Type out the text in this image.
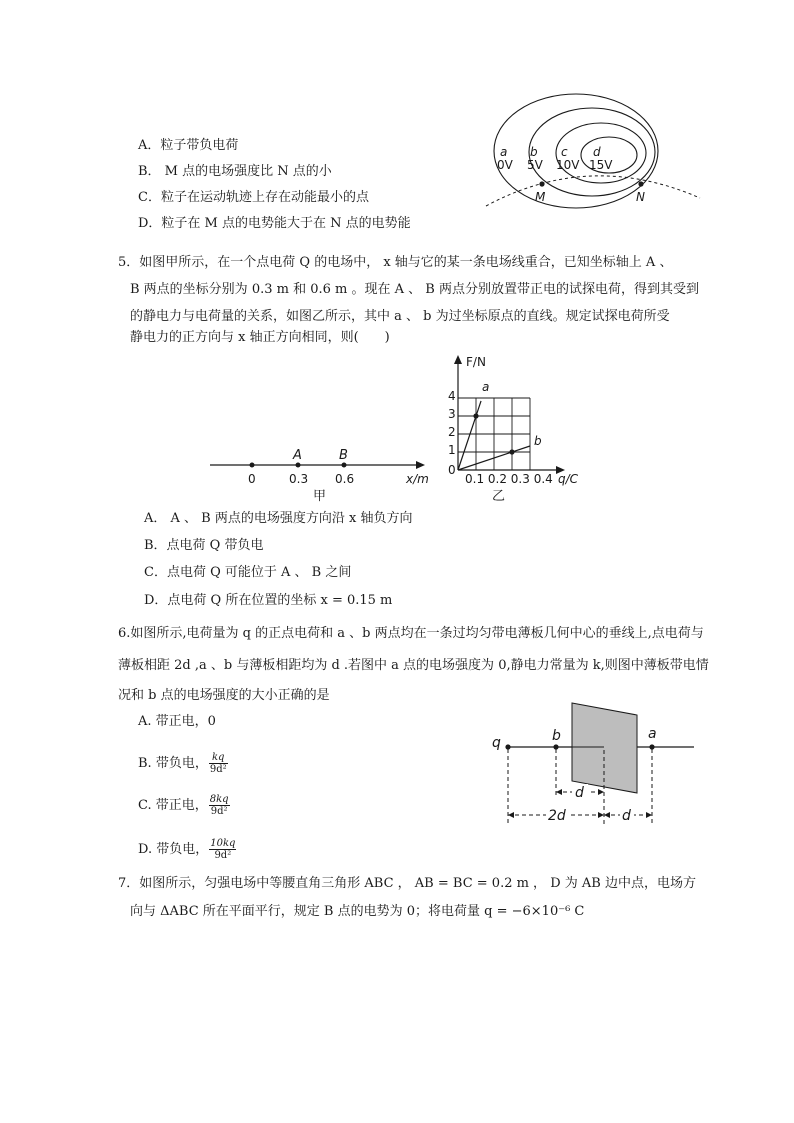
A．粒子带负电荷
B． M 点的电场强度比 N 点的小
C．粒子在运动轨迹上存在动能最小的点
D．粒子在 M 点的电势能大于在 N 点的电势能
a
0V
b
5V
c
10V
d
15V
M	N
5．如图甲所示，在一个点电荷 Q 的电场中， x 轴与它的某一条电场线重合，已知坐标轴上 A 、
B 两点的坐标分别为 0.3 m 和 0.6 m 。现在 A 、 B 两点分别放置带正电的试探电荷，得到其受到
的静电力与电荷量的关系，如图乙所示，其中 a 、 b 为过坐标原点的直线。规定试探电荷所受
静电力的正方向与 x 轴正方向相同，则(　　)
A	B
0	0.3 0.6	x/m
甲
F/N
4
3
2
1
0
0.1 0.2 0.3 0.4 q/C
a
b
乙
A． A 、 B 两点的电场强度方向沿 x 轴负方向
B．点电荷 Q 带负电
C．点电荷 Q 可能位于 A 、 B 之间
D．点电荷 Q 所在位置的坐标 x = 0.15 m
6.如图所示,电荷量为 q 的正点电荷和 a 、b 两点均在一条过均匀带电薄板几何中心的垂线上,点电荷与
薄板相距 2d ,a 、b 与薄板相距均为 d .若图中 a 点的电场强度为 0,静电力常量为 k,则图中薄板带电情
况和 b 点的电场强度的大小正确的是
A. 带正电，0
B. 带负电， $\frac{kq}{\text{9d²}}$
C. 带正电， $\frac{8kq}{\text{9d²}}$
D. 带负电， $\frac{10kq}{\text{9d²}}$
q	b	a
d
2d	d
7．如图所示，匀强电场中等腰直角三角形 ABC ， AB = BC = 0.2 m ， D 为 AB 边中点，电场方
向与 ΔABC 所在平面平行，规定 B 点的电势为 0；将电荷量 q = −6×10⁻⁶ C
